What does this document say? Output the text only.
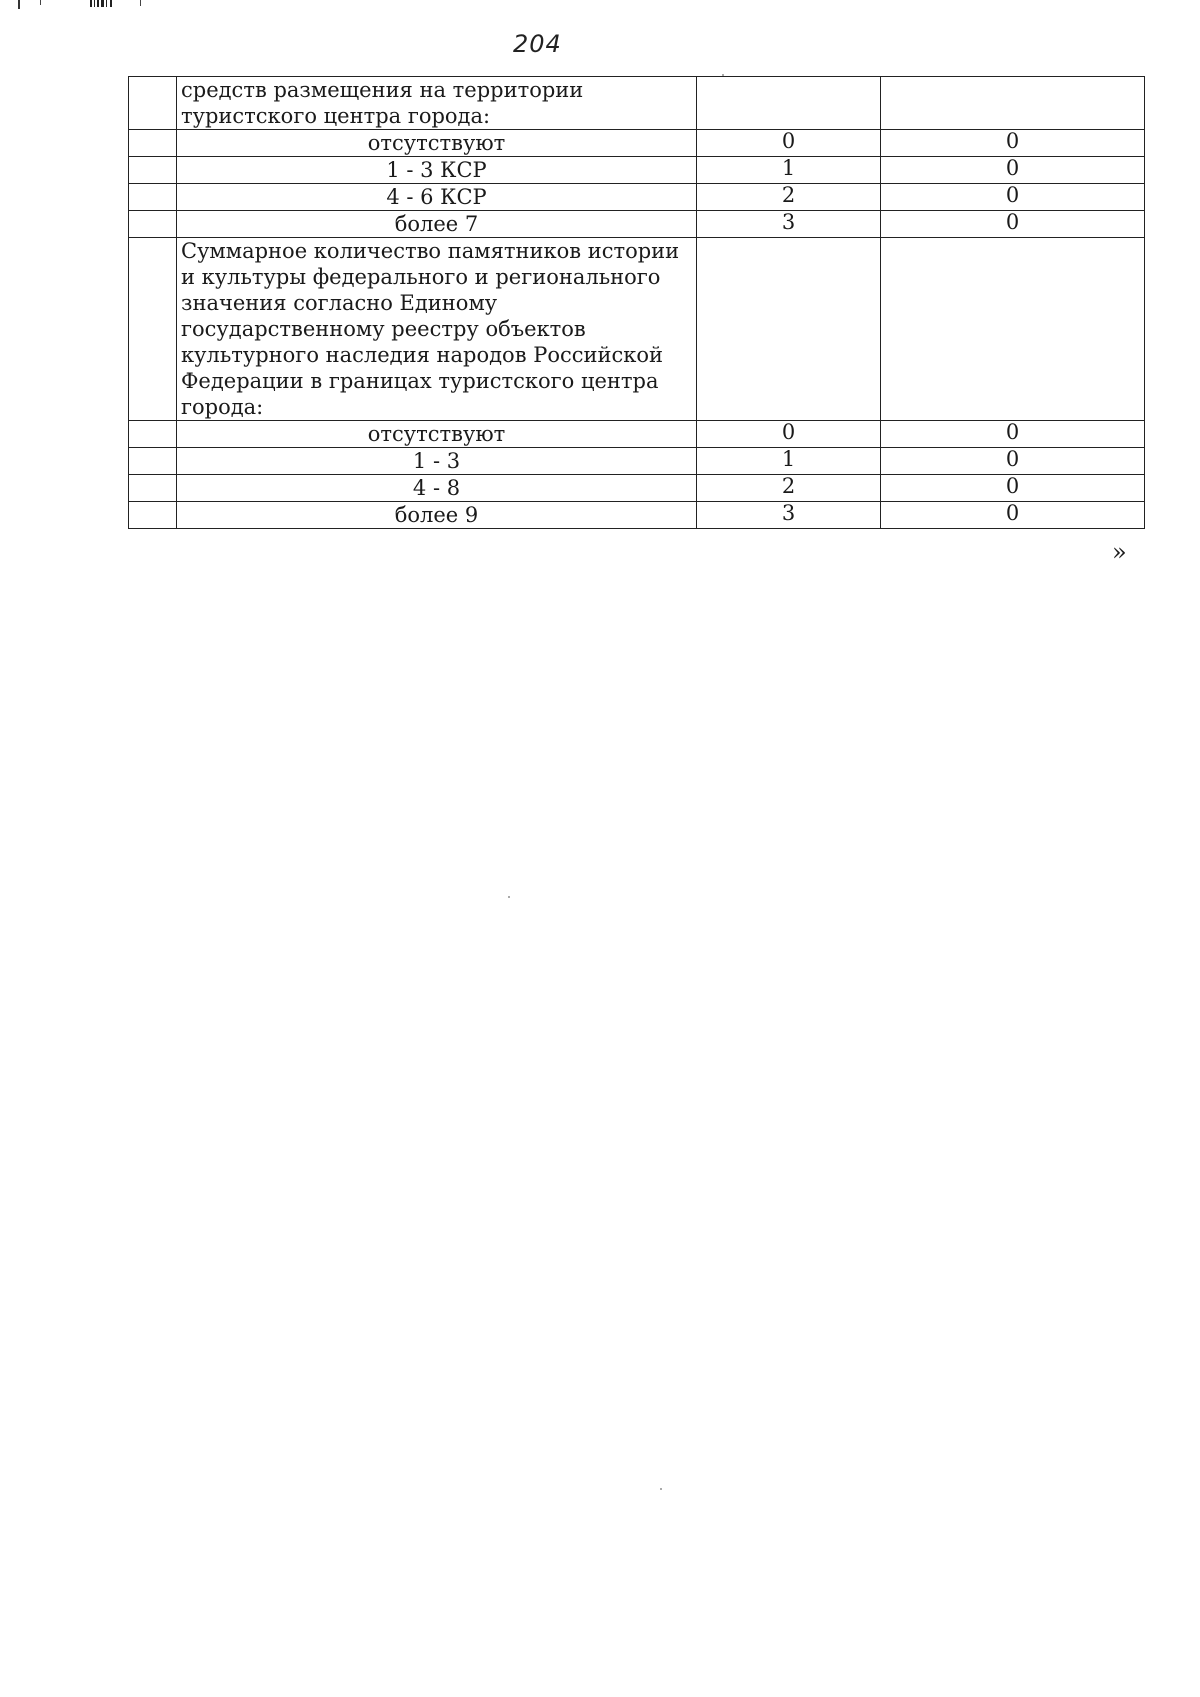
204
	средств размещения на территории туристского центра города:		
	отсутствуют	0	0
	1 - 3 КСР	1	0
	4 - 6 КСР	2	0
	более 7	3	0
	Суммарное количество памятников истории и культуры федерального и регионального значения согласно Единому государственному реестру объектов культурного наследия народов Российской Федерации в границах туристского центра города:		
	отсутствуют	0	0
	1 - 3	1	0
	4 - 8	2	0
	более 9	3	0
»
